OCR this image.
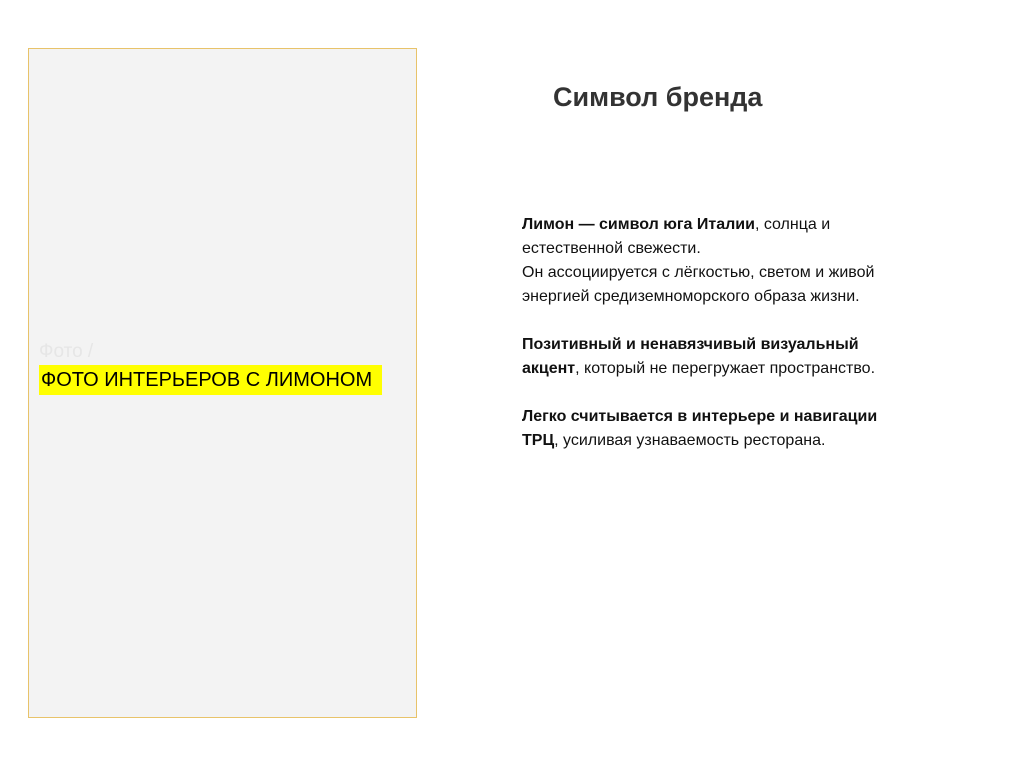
Фото /
ФОТО ИНТЕРЬЕРОВ С ЛИМОНОМ
Символ бренда

Лимон — символ юга Италии, солнца и
естественной свежести.
Он ассоциируется с лёгкостью, светом и живой
энергией средиземноморского образа жизни.

Позитивный и ненавязчивый визуальный
акцент, который не перегружает пространство.

Легко считывается в интерьере и навигации
ТРЦ, усиливая узнаваемость ресторана.
